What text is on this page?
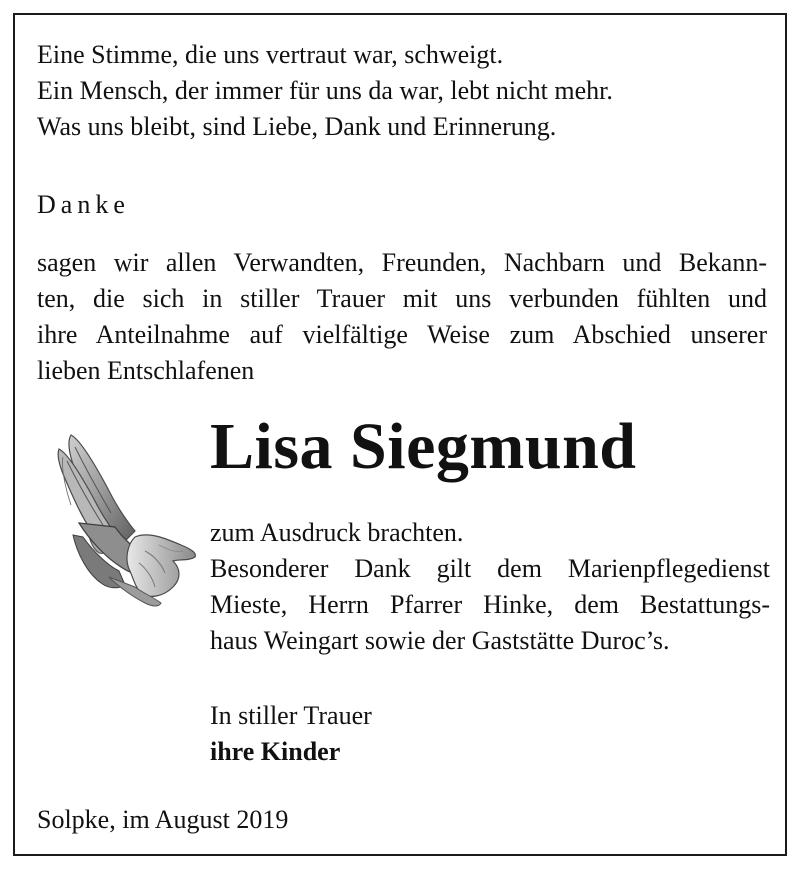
Eine Stimme, die uns vertraut war, schweigt.
Ein Mensch, der immer für uns da war, lebt nicht mehr.
Was uns bleibt, sind Liebe, Dank und Erinnerung.
Danke
sagen wir allen Verwandten, Freunden, Nachbarn und Bekann-
ten, die sich in stiller Trauer mit uns verbunden fühlten und
ihre Anteilnahme auf vielfältige Weise zum Abschied unserer
lieben Entschlafenen
Lisa Siegmund
zum Ausdruck brachten.
Besonderer Dank gilt dem Marienpflegedienst
Mieste, Herrn Pfarrer Hinke, dem Bestattungs-
haus Weingart sowie der Gaststätte Duroc’s.
In stiller Trauer
ihre Kinder
Solpke, im August 2019
